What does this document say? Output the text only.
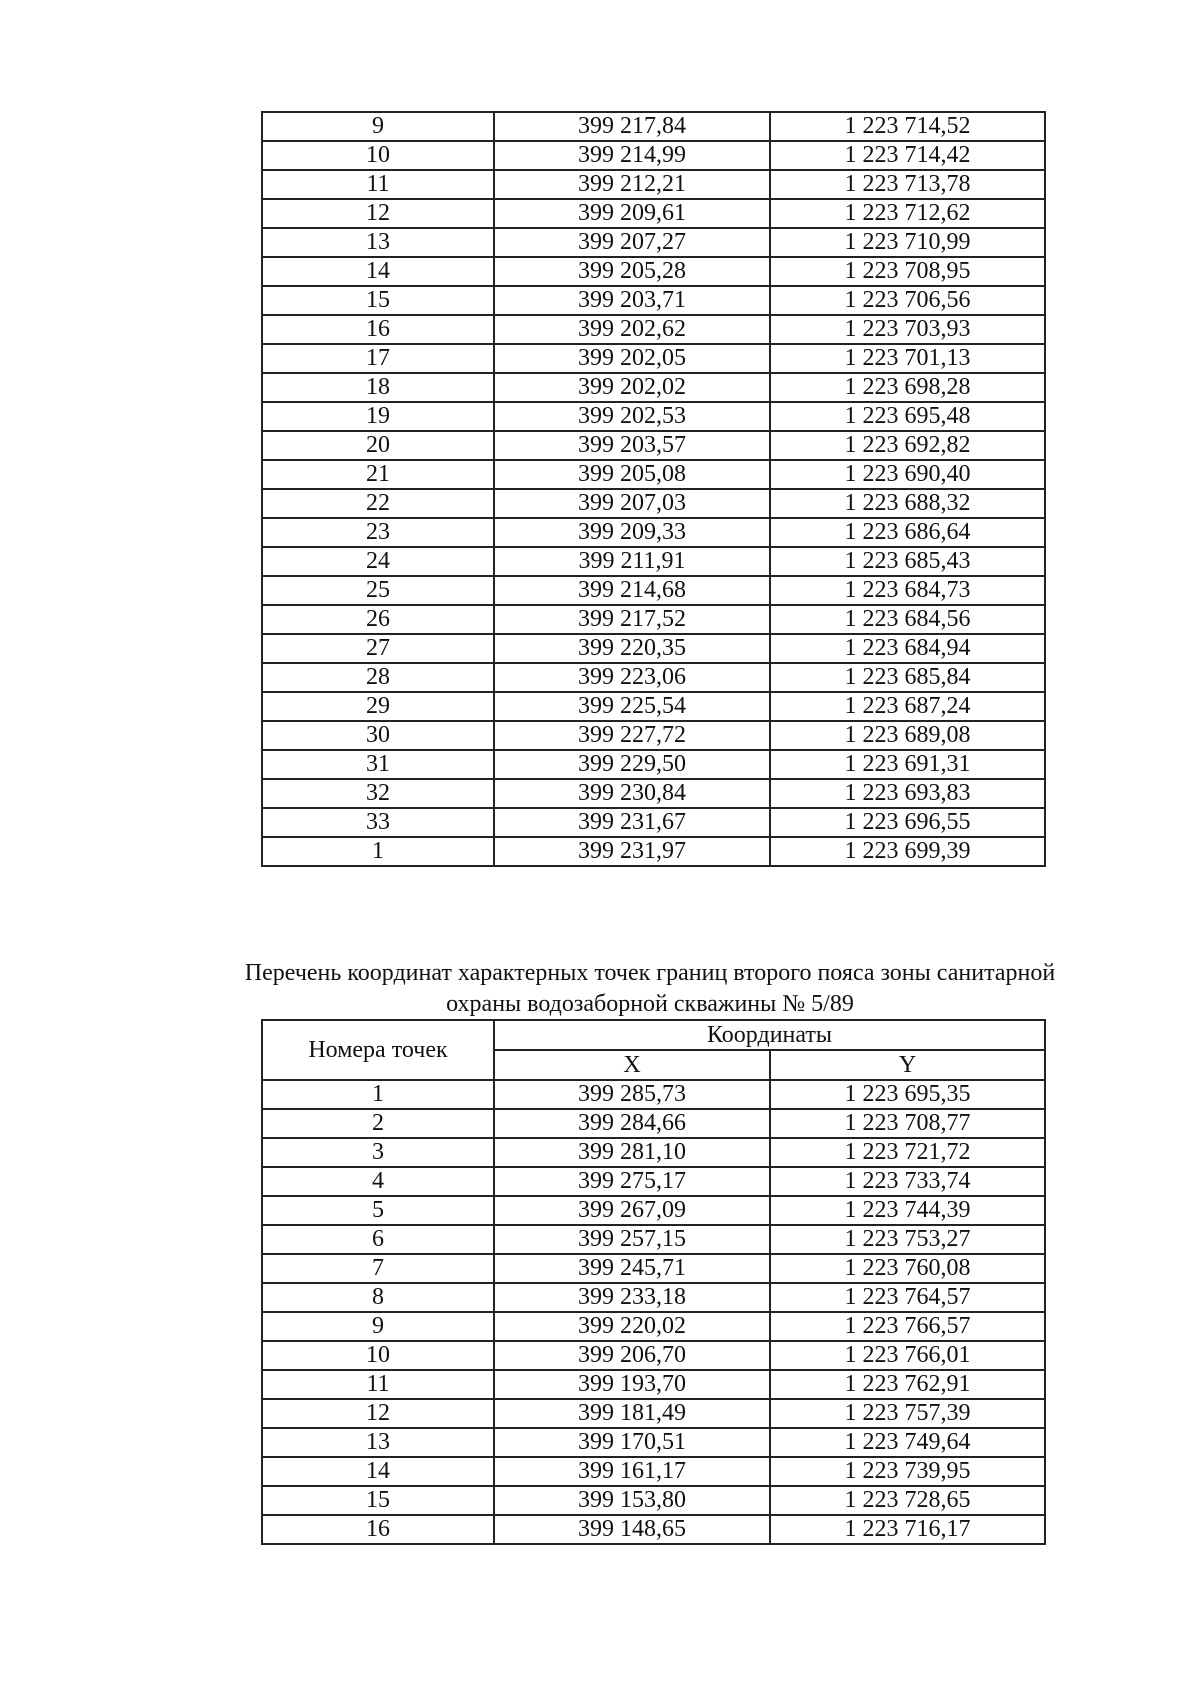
9	399 217,84	1 223 714,52
10	399 214,99	1 223 714,42
11	399 212,21	1 223 713,78
12	399 209,61	1 223 712,62
13	399 207,27	1 223 710,99
14	399 205,28	1 223 708,95
15	399 203,71	1 223 706,56
16	399 202,62	1 223 703,93
17	399 202,05	1 223 701,13
18	399 202,02	1 223 698,28
19	399 202,53	1 223 695,48
20	399 203,57	1 223 692,82
21	399 205,08	1 223 690,40
22	399 207,03	1 223 688,32
23	399 209,33	1 223 686,64
24	399 211,91	1 223 685,43
25	399 214,68	1 223 684,73
26	399 217,52	1 223 684,56
27	399 220,35	1 223 684,94
28	399 223,06	1 223 685,84
29	399 225,54	1 223 687,24
30	399 227,72	1 223 689,08
31	399 229,50	1 223 691,31
32	399 230,84	1 223 693,83
33	399 231,67	1 223 696,55
1	399 231,97	1 223 699,39

Перечень координат характерных точек границ второго пояса зоны санитарной
охраны водозаборной скважины № 5/89

Номера точек	Координаты	
	X	Y
1	399 285,73	1 223 695,35
2	399 284,66	1 223 708,77
3	399 281,10	1 223 721,72
4	399 275,17	1 223 733,74
5	399 267,09	1 223 744,39
6	399 257,15	1 223 753,27
7	399 245,71	1 223 760,08
8	399 233,18	1 223 764,57
9	399 220,02	1 223 766,57
10	399 206,70	1 223 766,01
11	399 193,70	1 223 762,91
12	399 181,49	1 223 757,39
13	399 170,51	1 223 749,64
14	399 161,17	1 223 739,95
15	399 153,80	1 223 728,65
16	399 148,65	1 223 716,17
